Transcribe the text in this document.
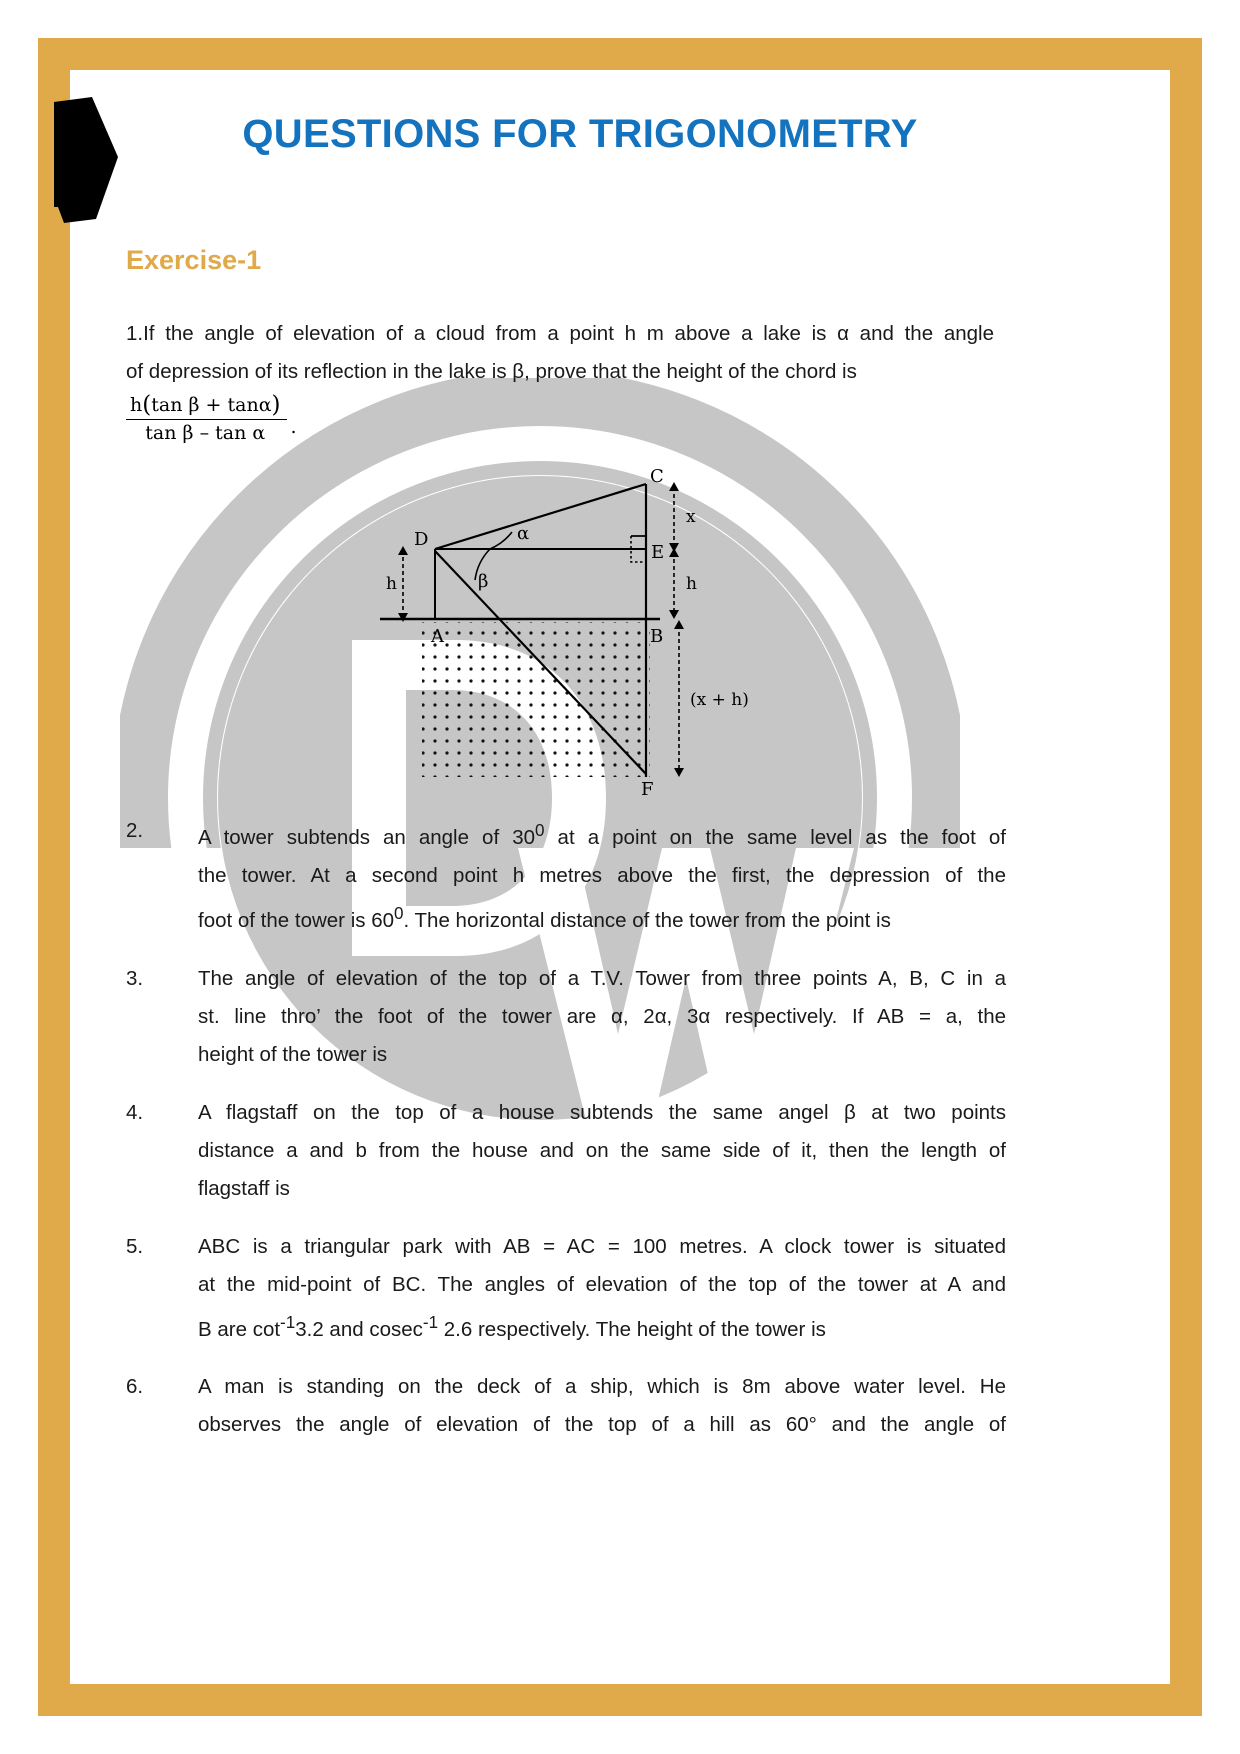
QUESTIONS FOR TRIGONOMETRY
Exercise-1

1.If the angle of elevation of a cloud from a point h m above a lake is α and the angle

of depression of its reflection in the lake is β, prove that the height of the chord is

$\frac{\text{h(tan β + tanα)}}{\text{tan β – tan α}}$ .
h
x
h
(x + h)
D
A
C
E
B
F
α
β
2.	A tower subtends an angle of $30^0$ at a point on the same level as the foot of

the tower. At a second point h metres above the first, the depression of the

foot of the tower is $60^0$. The horizontal distance of the tower from the point is

3.	The angle of elevation of the top of a T.V. Tower from three points A, B, C in a

st. line thro’ the foot of the tower are α, 2α, 3α respectively. If AB = a, the

height of the tower is

4.	A flagstaff on the top of a house subtends the same angel β at two points

distance a and b from the house and on the same side of it, then the length of

flagstaff is

5.	ABC is a triangular park with AB = AC = 100 metres. A clock tower is situated

at the mid-point of BC. The angles of elevation of the top of the tower at A and

B are $\cot^{-1}3.2$ and cosec$^{-1}$ 2.6 respectively. The height of the tower is

6.	A man is standing on the deck of a ship, which is 8m above water level. He

observes the angle of elevation of the top of a hill as 60° and the angle of
